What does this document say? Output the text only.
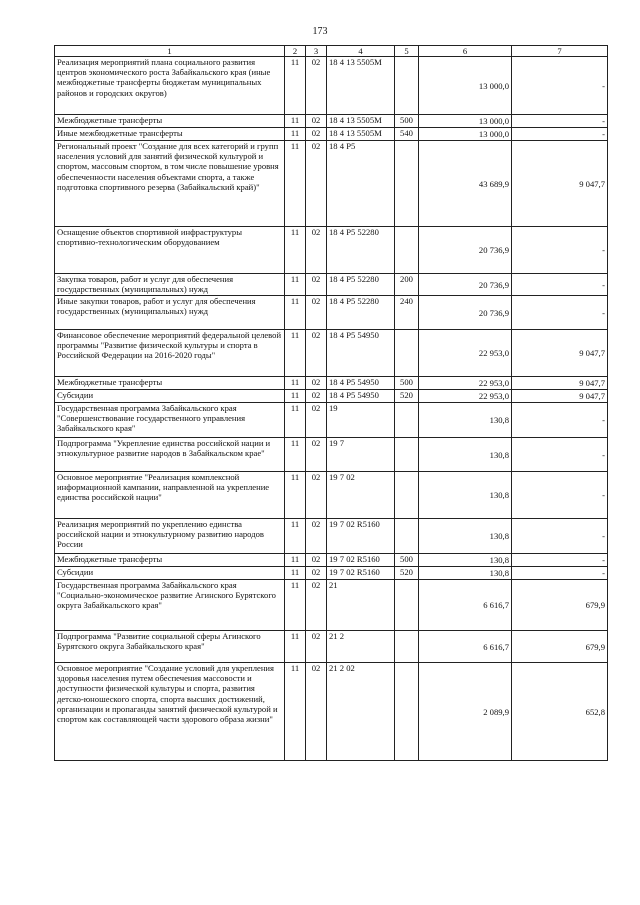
173
1	2	3	4	5	6	7
Реализация мероприятий плана социального развития центров экономического роста Забайкальского края (иные межбюджетные трансферты бюджетам муниципальных районов и городских округов)	11	02	18 4 13 5505M		13 000,0	-
Межбюджетные трансферты	11	02	18 4 13 5505M	500	13 000,0	-
Иные межбюджетные трансферты	11	02	18 4 13 5505M	540	13 000,0	-
Региональный проект "Создание для всех категорий и групп населения условий для занятий физической культурой и спортом, массовым спортом, в том числе повышение уровня обеспеченности населения объектами спорта, а также подготовка спортивного резерва (Забайкальский край)"	11	02	18 4 P5		43 689,9	9 047,7
Оснащение объектов спортивной инфраструктуры спортивно-технологическим оборудованием	11	02	18 4 P5 52280		20 736,9	-
Закупка товаров, работ и услуг для обеспечения государственных (муниципальных) нужд	11	02	18 4 P5 52280	200	20 736,9	-
Иные закупки товаров, работ и услуг для обеспечения государственных (муниципальных) нужд	11	02	18 4 P5 52280	240	20 736,9	-
Финансовое обеспечение мероприятий федеральной целевой программы "Развитие физической культуры и спорта в Российской Федерации на 2016-2020 годы"	11	02	18 4 P5 54950		22 953,0	9 047,7
Межбюджетные трансферты	11	02	18 4 P5 54950	500	22 953,0	9 047,7
Субсидии	11	02	18 4 P5 54950	520	22 953,0	9 047,7
Государственная программа Забайкальского края "Совершенствование государственного управления Забайкальского края"	11	02	19		130,8	-
Подпрограмма "Укрепление единства российской нации и этнокультурное развитие народов в Забайкальском крае"	11	02	19 7		130,8	-
Основное мероприятие "Реализация комплексной информационной кампании, направленной на укрепление единства российской нации"	11	02	19 7 02		130,8	-
Реализация мероприятий по укреплению единства российской нации и этнокультурному развитию народов России	11	02	19 7 02 R5160		130,8	-
Межбюджетные трансферты	11	02	19 7 02 R5160	500	130,8	-
Субсидии	11	02	19 7 02 R5160	520	130,8	-
Государственная программа Забайкальского края "Социально-экономическое развитие Агинского Бурятского округа Забайкальского края"	11	02	21		6 616,7	679,9
Подпрограмма "Развитие социальной сферы Агинского Бурятского округа Забайкальского края"	11	02	21 2		6 616,7	679,9
Основное мероприятие "Создание условий для укрепления здоровья населения путем обеспечения массовости и доступности физической культуры и спорта, развития детско-юношеского спорта, спорта высших достижений, организации и пропаганды занятий физической культурой и спортом как составляющей части здорового образа жизни"	11	02	21 2 02		2 089,9	652,8
